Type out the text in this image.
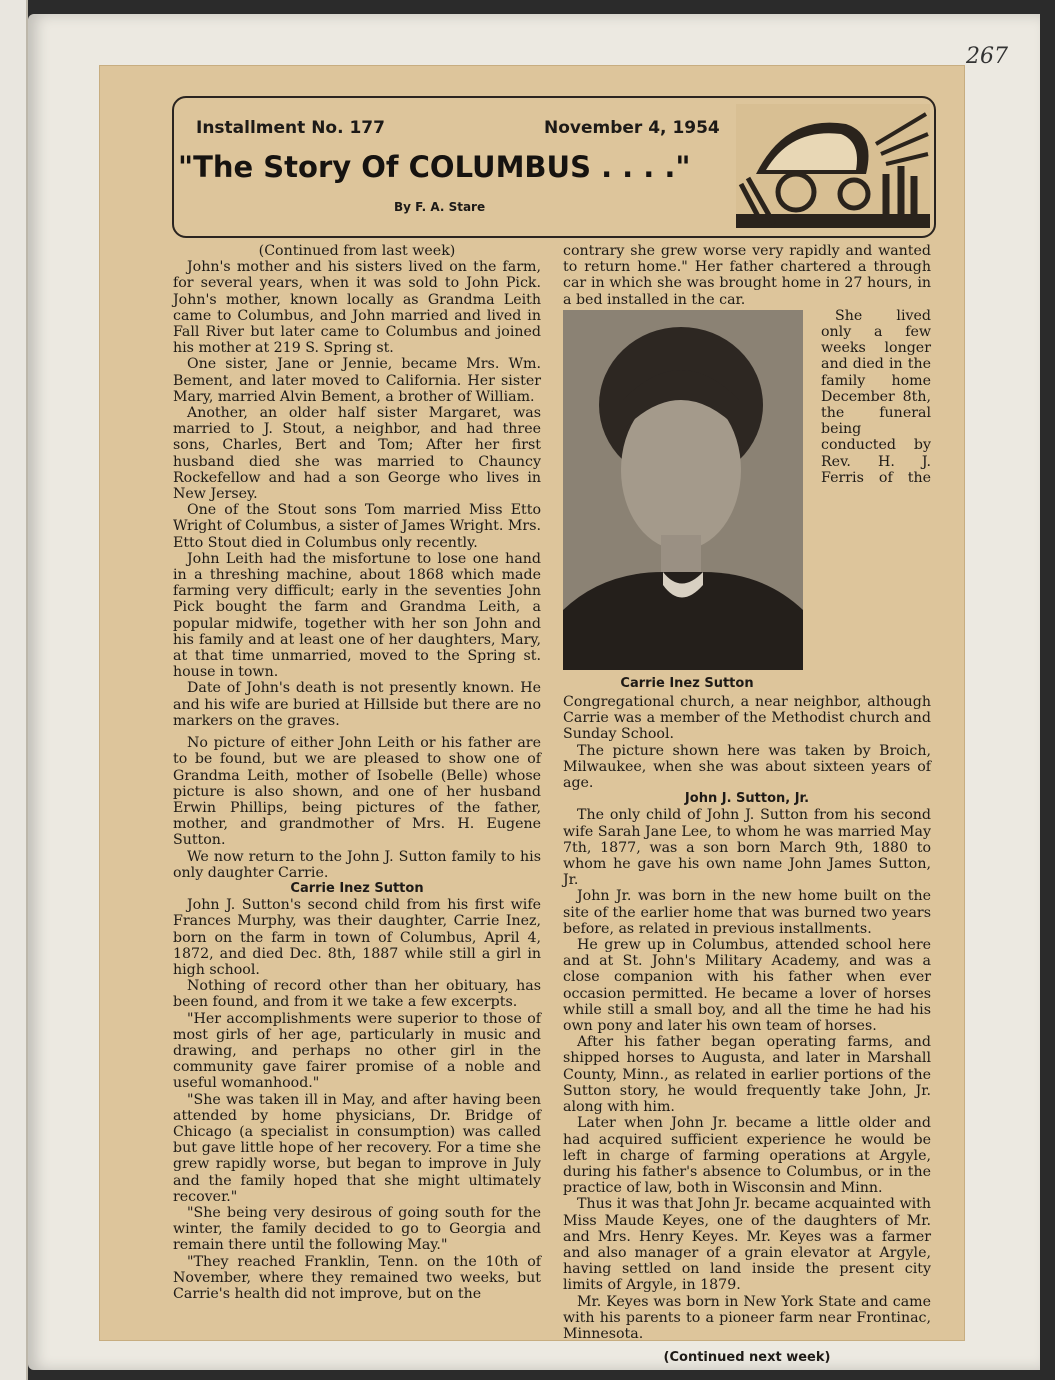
267
Installment No. 177	November 4, 1954
"The Story Of COLUMBUS . . . ."
By F. A. Stare

(Continued from last week)

John's mother and his sisters lived on the farm, for several years, when it was sold to John Pick. John's mother, known locally as Grandma Leith came to Columbus, and John married and lived in Fall River but later came to Columbus and joined his mother at 219 S. Spring st.

One sister, Jane or Jennie, became Mrs. Wm. Bement, and later moved to California. Her sister Mary, married Alvin Bement, a brother of William.

Another, an older half sister Margaret, was married to J. Stout, a neighbor, and had three sons, Charles, Bert and Tom; After her first husband died she was married to Chauncy Rockefellow and had a son George who lives in New Jersey.

One of the Stout sons Tom married Miss Etto Wright of Columbus, a sister of James Wright. Mrs. Etto Stout died in Columbus only recently.

John Leith had the misfortune to lose one hand in a threshing machine, about 1868 which made farming very difficult; early in the seventies John Pick bought the farm and Grandma Leith, a popular midwife, together with her son John and his family and at least one of her daughters, Mary, at that time unmarried, moved to the Spring st. house in town.

Date of John's death is not presently known. He and his wife are buried at Hillside but there are no markers on the graves.

No picture of either John Leith or his father are to be found, but we are pleased to show one of Grandma Leith, mother of Isobelle (Belle) whose picture is also shown, and one of her husband Erwin Phillips, being pictures of the father, mother, and grandmother of Mrs. H. Eugene Sutton.

We now return to the John J. Sutton family to his only daughter Carrie.

Carrie Inez Sutton

John J. Sutton's second child from his first wife Frances Murphy, was their daughter, Carrie Inez, born on the farm in town of Columbus, April 4, 1872, and died Dec. 8th, 1887 while still a girl in high school.

Nothing of record other than her obituary, has been found, and from it we take a few excerpts.

"Her accomplishments were superior to those of most girls of her age, particularly in music and drawing, and perhaps no other girl in the community gave fairer promise of a noble and useful womanhood."

"She was taken ill in May, and after having been attended by home physicians, Dr. Bridge of Chicago (a specialist in consumption) was called but gave little hope of her recovery. For a time she grew rapidly worse, but began to improve in July and the family hoped that she might ultimately recover."

"She being very desirous of going south for the winter, the family decided to go to Georgia and remain there until the following May."

"They reached Franklin, Tenn. on the 10th of November, where they remained two weeks, but Carrie's health did not improve, but on the

contrary she grew worse very rapidly and wanted to return home." Her father chartered a through car in which she was brought home in 27 hours, in a bed installed in the car.

Carrie Inez Sutton

She lived only a few weeks longer and died in the family home December 8th, the funeral being conducted by Rev. H. J. Ferris of the Congregational church, a near neighbor, although Carrie was a member of the Methodist church and Sunday School.

The picture shown here was taken by Broich, Milwaukee, when she was about sixteen years of age.

John J. Sutton, Jr.

The only child of John J. Sutton from his second wife Sarah Jane Lee, to whom he was married May 7th, 1877, was a son born March 9th, 1880 to whom he gave his own name John James Sutton, Jr.

John Jr. was born in the new home built on the site of the earlier home that was burned two years before, as related in previous installments.

He grew up in Columbus, attended school here and at St. John's Military Academy, and was a close companion with his father when ever occasion permitted. He became a lover of horses while still a small boy, and all the time he had his own pony and later his own team of horses.

After his father began operating farms, and shipped horses to Augusta, and later in Marshall County, Minn., as related in earlier portions of the Sutton story, he would frequently take John, Jr. along with him.

Later when John Jr. became a little older and had acquired sufficient experience he would be left in charge of farming operations at Argyle, during his father's absence to Columbus, or in the practice of law, both in Wisconsin and Minn.

Thus it was that John Jr. became acquainted with Miss Maude Keyes, one of the daughters of Mr. and Mrs. Henry Keyes. Mr. Keyes was a farmer and also manager of a grain elevator at Argyle, having settled on land inside the present city limits of Argyle, in 1879.

Mr. Keyes was born in New York State and came with his parents to a pioneer farm near Frontinac, Minnesota.

(Continued next week)
